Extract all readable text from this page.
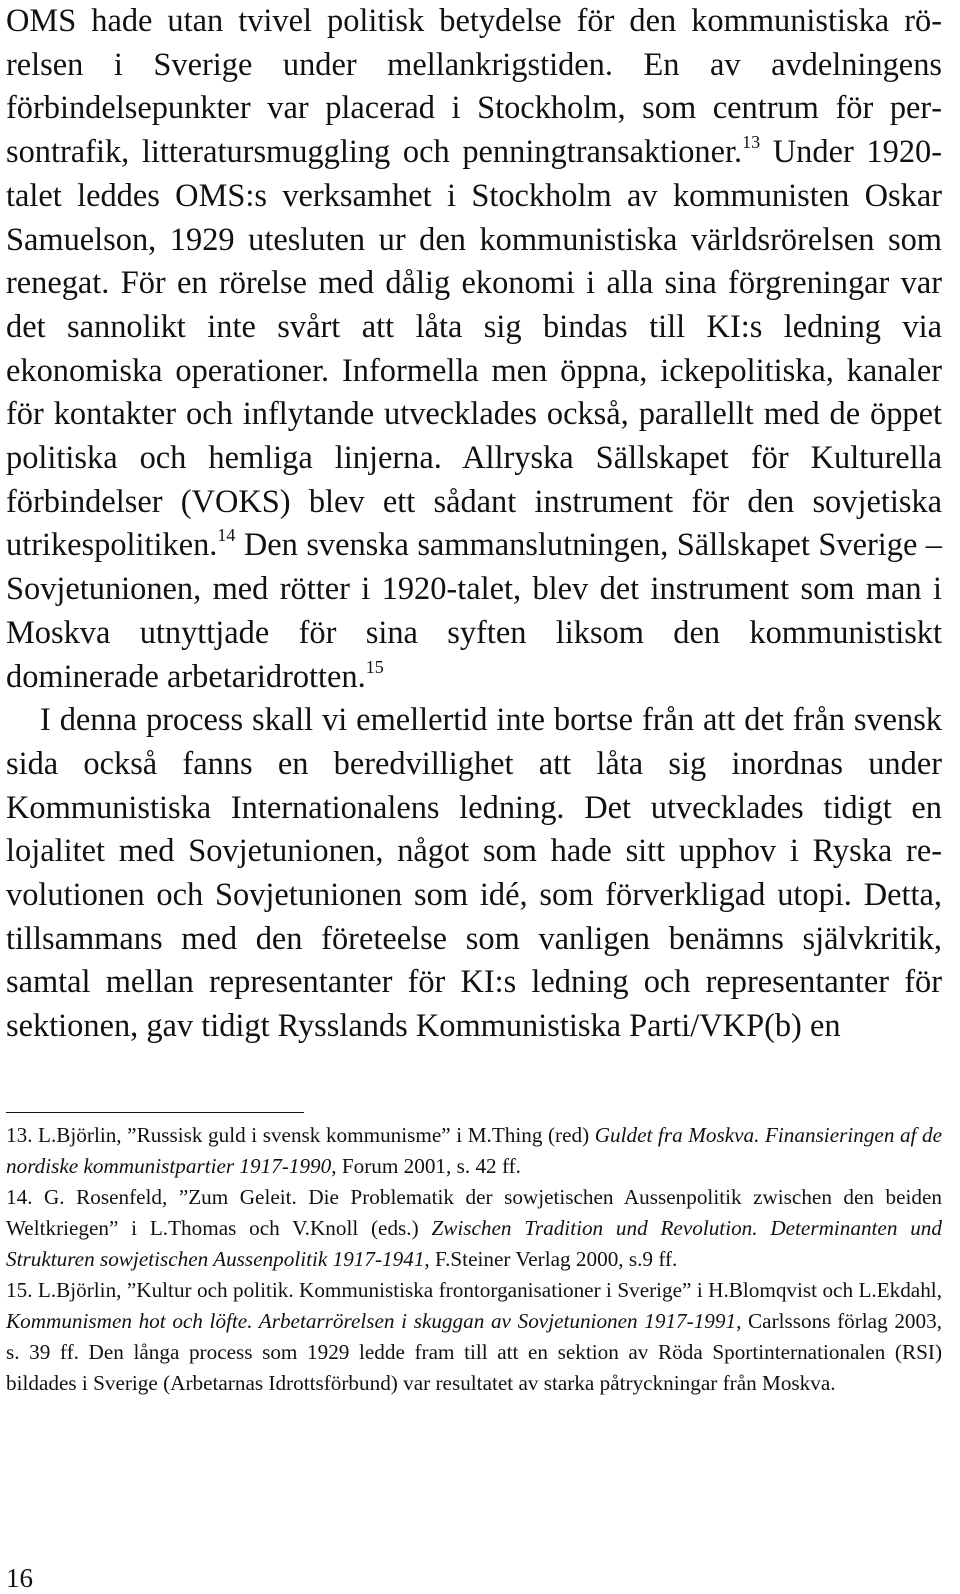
OMS hade utan tvivel politisk betydelse för den kommunistiska rörelsen i Sverige under mellankrigstiden. En av avdelningens förbindelsepunkter var placerad i Stockholm, som centrum för persontrafik, litteratursmuggling och penningtransaktioner.$^{13}$ Under 1920-talet leddes OMS:s verksamhet i Stockholm av kommunisten Oskar Samuelson, 1929 utesluten ur den kommunistiska världsrörelsen som renegat. För en rörelse med dålig ekonomi i alla sina förgreningar var det sannolikt inte svårt att låta sig bindas till KI:s ledning via ekonomiska operationer. Informella men öppna, ickepolitiska, kanaler för kontakter och inflytande utvecklades också, parallellt med de öppet politiska och hemliga linjerna. Allryska Sällskapet för Kulturella förbindelser (VOKS) blev ett sådant instrument för den sovjetiska utrikespolitiken.$^{14}$ Den svenska sammanslutningen, Sällskapet Sverige – Sovjetunionen, med rötter i 1920-talet, blev det instrument som man i Moskva utnyttjade för sina syften liksom den kommunistiskt dominerade arbetaridrotten.$^{15}$

I denna process skall vi emellertid inte bortse från att det från svensk sida också fanns en beredvillighet att låta sig inordnas under Kommunistiska Internationalens ledning. Det utvecklades tidigt en lojalitet med Sovjetunionen, något som hade sitt upphov i Ryska revolutionen och Sovjetunionen som idé, som förverkligad utopi. Detta, tillsammans med den företeelse som vanligen benämns självkritik, samtal mellan representanter för KI:s ledning och representanter för sektionen, gav tidigt Rysslands Kommunistiska Parti/VKP(b) en

13. L.Björlin, ”Russisk guld i svensk kommunisme” i M.Thing (red) Guldet fra Moskva. Finansieringen af de nordiske kommunistpartier 1917-1990, Forum 2001, s. 42 ff.

14. G. Rosenfeld, ”Zum Geleit. Die Problematik der sowjetischen Aussenpolitik zwischen den beiden Weltkriegen” i L.Thomas och V.Knoll (eds.) Zwischen Tradition und Revolution. Determinanten und Strukturen sowjetischen Aussenpolitik 1917-1941, F.Steiner Verlag 2000, s.9 ff.

15. L.Björlin, ”Kultur och politik. Kommunistiska frontorganisationer i Sverige” i H.Blomqvist och L.Ekdahl, Kommunismen hot och löfte. Arbetarrörelsen i skuggan av Sovjetunionen 1917-1991, Carlssons förlag 2003, s. 39 ff. Den långa process som 1929 ledde fram till att en sektion av Röda Sportinternationalen (RSI) bildades i Sverige (Arbetarnas Idrottsförbund) var resultatet av starka påtryckningar från Moskva.

16
